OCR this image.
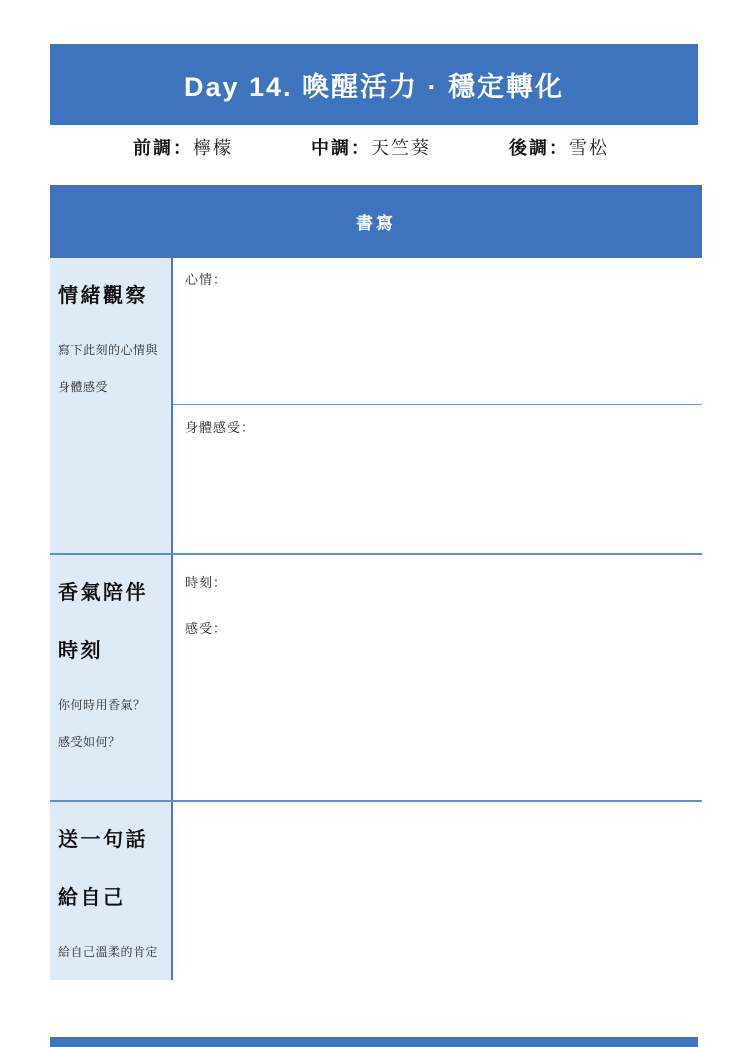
Day 14. 喚醒活力 · 穩定轉化
前調：檸檬	中調：天竺葵	後調：雪松
書寫
情緒觀察
寫下此刻的心情與
身體感受
心情：
身體感受：
香氣陪伴
時刻
你何時用香氣？
感受如何？
時刻：
感受：
送一句話
給自己
給自己溫柔的肯定
